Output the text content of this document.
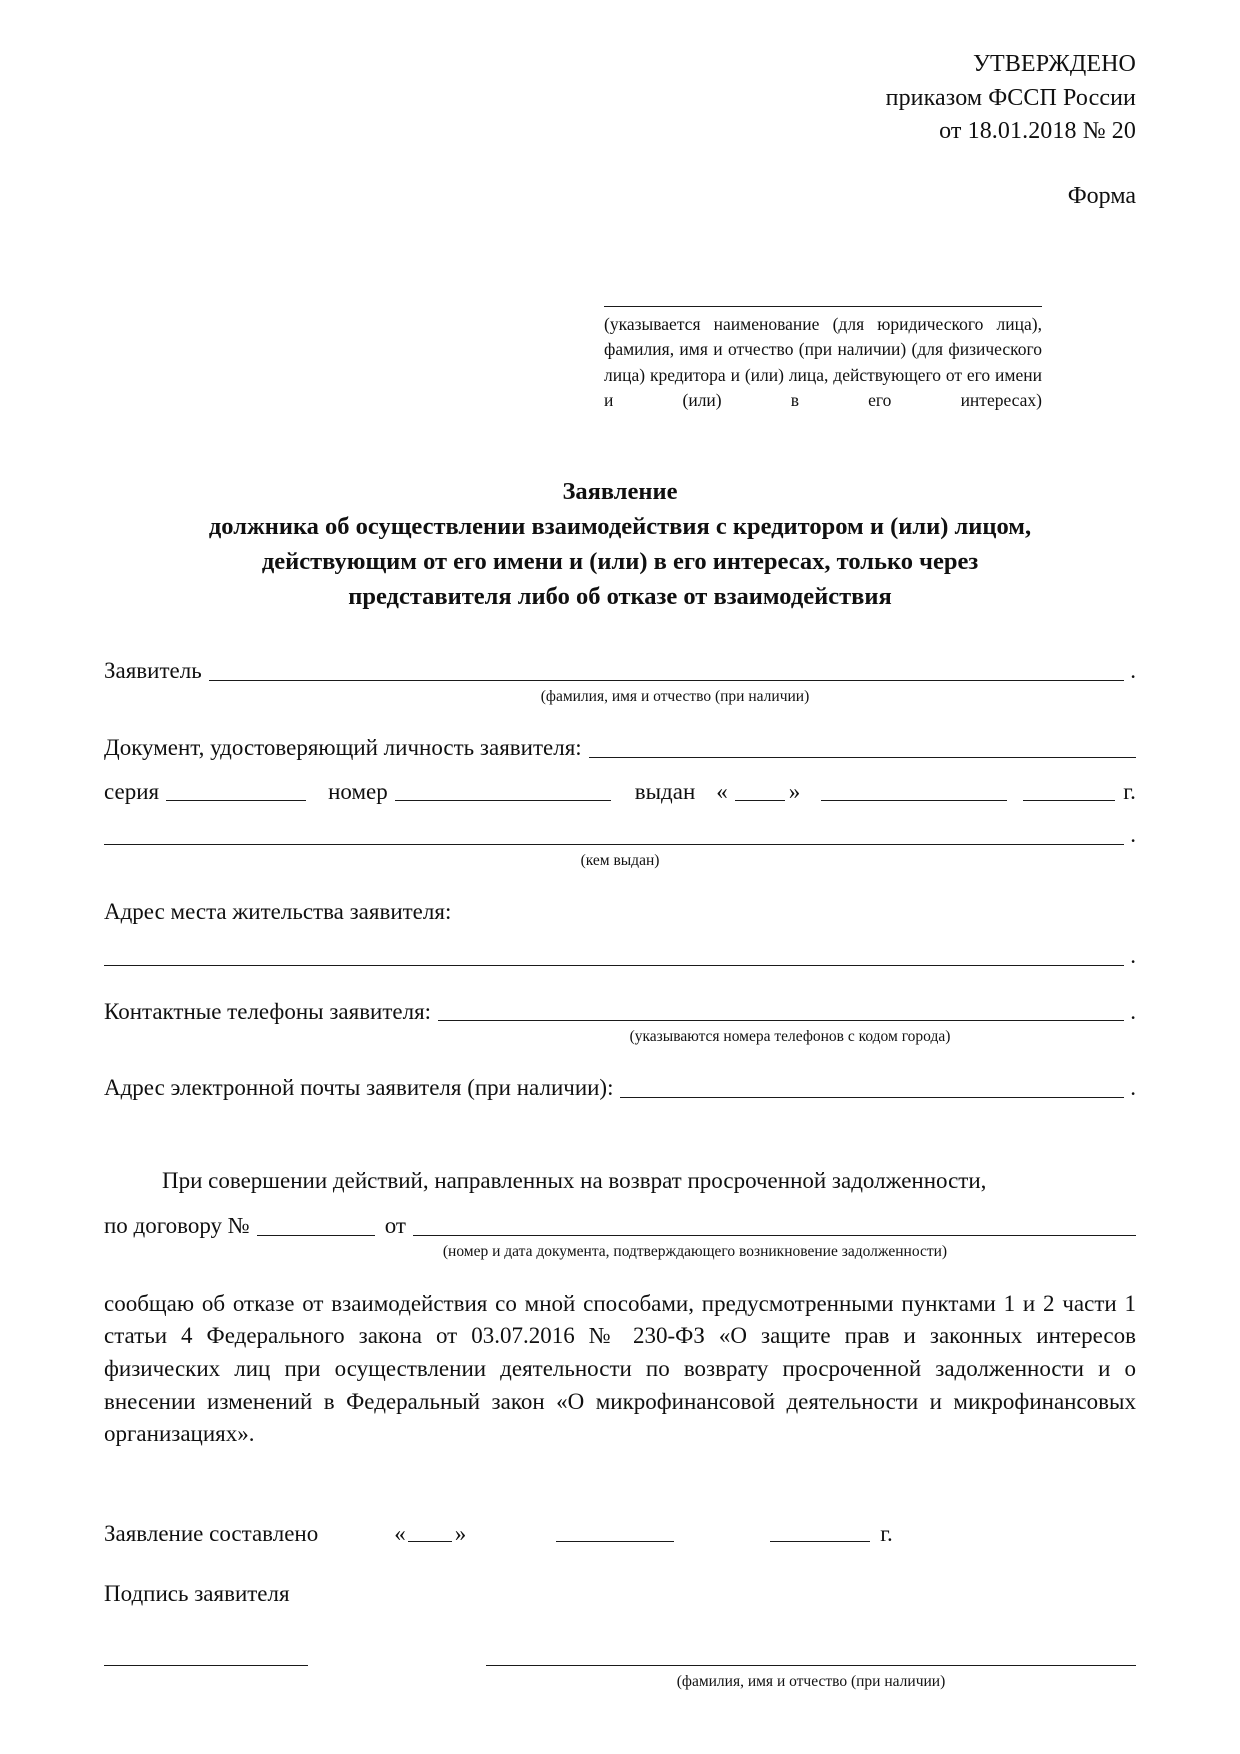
УТВЕРЖДЕНО
приказом ФССП России
от 18.01.2018 № 20
Форма
(указывается наименование (для юридического лица), фамилия, имя и отчество (при наличии) (для физического лица) кредитора и (или) лица, действующего от его имени и (или) в его интересах)
Заявление
должника об осуществлении взаимодействия с кредитором и (или) лицом,
действующим от его имени и (или) в его интересах, только через
представителя либо об отказе от взаимодействия
Заявитель	.
(фамилия, имя и отчество (при наличии)
Документ, удостоверяющий личность заявителя:
серия	номер	выдан «	»	г.
.
(кем выдан)
Адрес места жительства заявителя:
.
Контактные телефоны заявителя:	.
(указываются номера телефонов с кодом города)
Адрес электронной почты заявителя (при наличии):	.

При совершении действий, направленных на возврат просроченной задолженности,

по договору №	от
(номер и дата документа, подтверждающего возникновение задолженности)

сообщаю об отказе от взаимодействия со мной способами, предусмотренными пунктами 1 и 2 части 1 статьи 4 Федерального закона от 03.07.2016 № 230-ФЗ «О защите прав и законных интересов физических лиц при осуществлении деятельности по возврату просроченной задолженности и о внесении изменений в Федеральный закон «О микрофинансовой деятельности и микрофинансовых организациях».

Заявление составлено	« »	г.
Подпись заявителя
(фамилия, имя и отчество (при наличии)
